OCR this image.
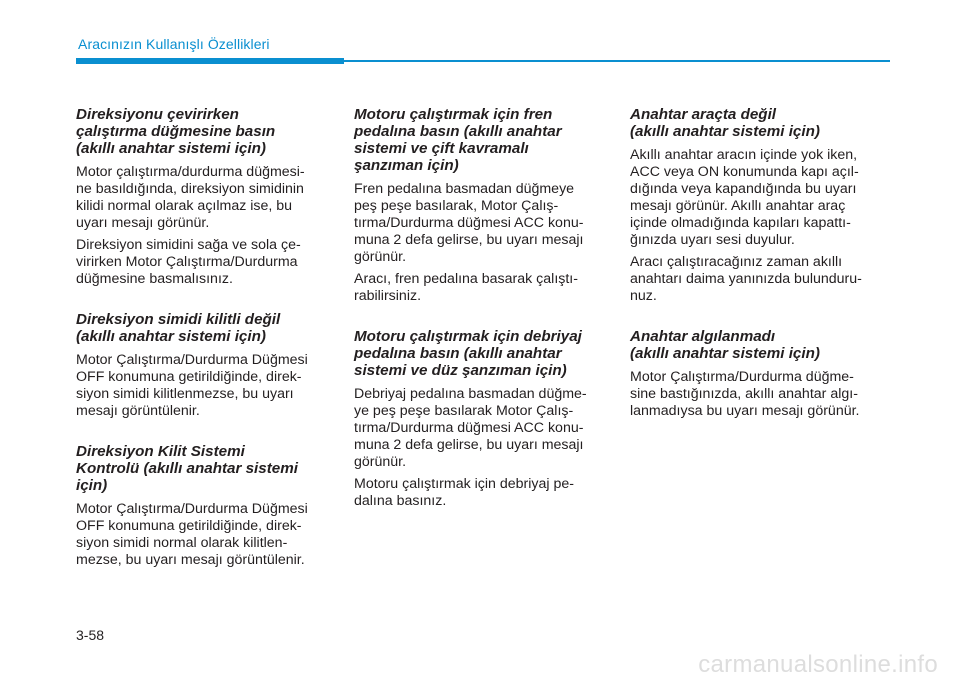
Aracınızın Kullanışlı Özellikleri
Direksiyonu çevirirken
çalıştırma düğmesine basın
(akıllı anahtar sistemi için)
Motor çalıştırma/durdurma düğmesi-
ne basıldığında, direksiyon simidinin
kilidi normal olarak açılmaz ise, bu
uyarı mesajı görünür.
Direksiyon simidini sağa ve sola çe-
virirken Motor Çalıştırma/Durdurma
düğmesine basmalısınız.
Direksiyon simidi kilitli değil
(akıllı anahtar sistemi için)
Motor Çalıştırma/Durdurma Düğmesi
OFF konumuna getirildiğinde, direk-
siyon simidi kilitlenmezse, bu uyarı
mesajı görüntülenir.
Direksiyon Kilit Sistemi
Kontrolü (akıllı anahtar sistemi
için)
Motor Çalıştırma/Durdurma Düğmesi
OFF konumuna getirildiğinde, direk-
siyon simidi normal olarak kilitlen-
mezse, bu uyarı mesajı görüntülenir.
Motoru çalıştırmak için fren
pedalına basın (akıllı anahtar
sistemi ve çift kavramalı
şanzıman için)
Fren pedalına basmadan düğmeye
peş peşe basılarak, Motor Çalış-
tırma/Durdurma düğmesi ACC konu-
muna 2 defa gelirse, bu uyarı mesajı
görünür.
Aracı, fren pedalına basarak çalıştı-
rabilirsiniz.
Motoru çalıştırmak için debriyaj
pedalına basın (akıllı anahtar
sistemi ve düz şanzıman için)
Debriyaj pedalına basmadan düğme-
ye peş peşe basılarak Motor Çalış-
tırma/Durdurma düğmesi ACC konu-
muna 2 defa gelirse, bu uyarı mesajı
görünür.
Motoru çalıştırmak için debriyaj pe-
dalına basınız.
Anahtar araçta değil
(akıllı anahtar sistemi için)
Akıllı anahtar aracın içinde yok iken,
ACC veya ON konumunda kapı açıl-
dığında veya kapandığında bu uyarı
mesajı görünür. Akıllı anahtar araç
içinde olmadığında kapıları kapattı-
ğınızda uyarı sesi duyulur.
Aracı çalıştıracağınız zaman akıllı
anahtarı daima yanınızda bulunduru-
nuz.
Anahtar algılanmadı
(akıllı anahtar sistemi için)
Motor Çalıştırma/Durdurma düğme-
sine bastığınızda, akıllı anahtar algı-
lanmadıysa bu uyarı mesajı görünür.
3-58
carmanualsonline.info
